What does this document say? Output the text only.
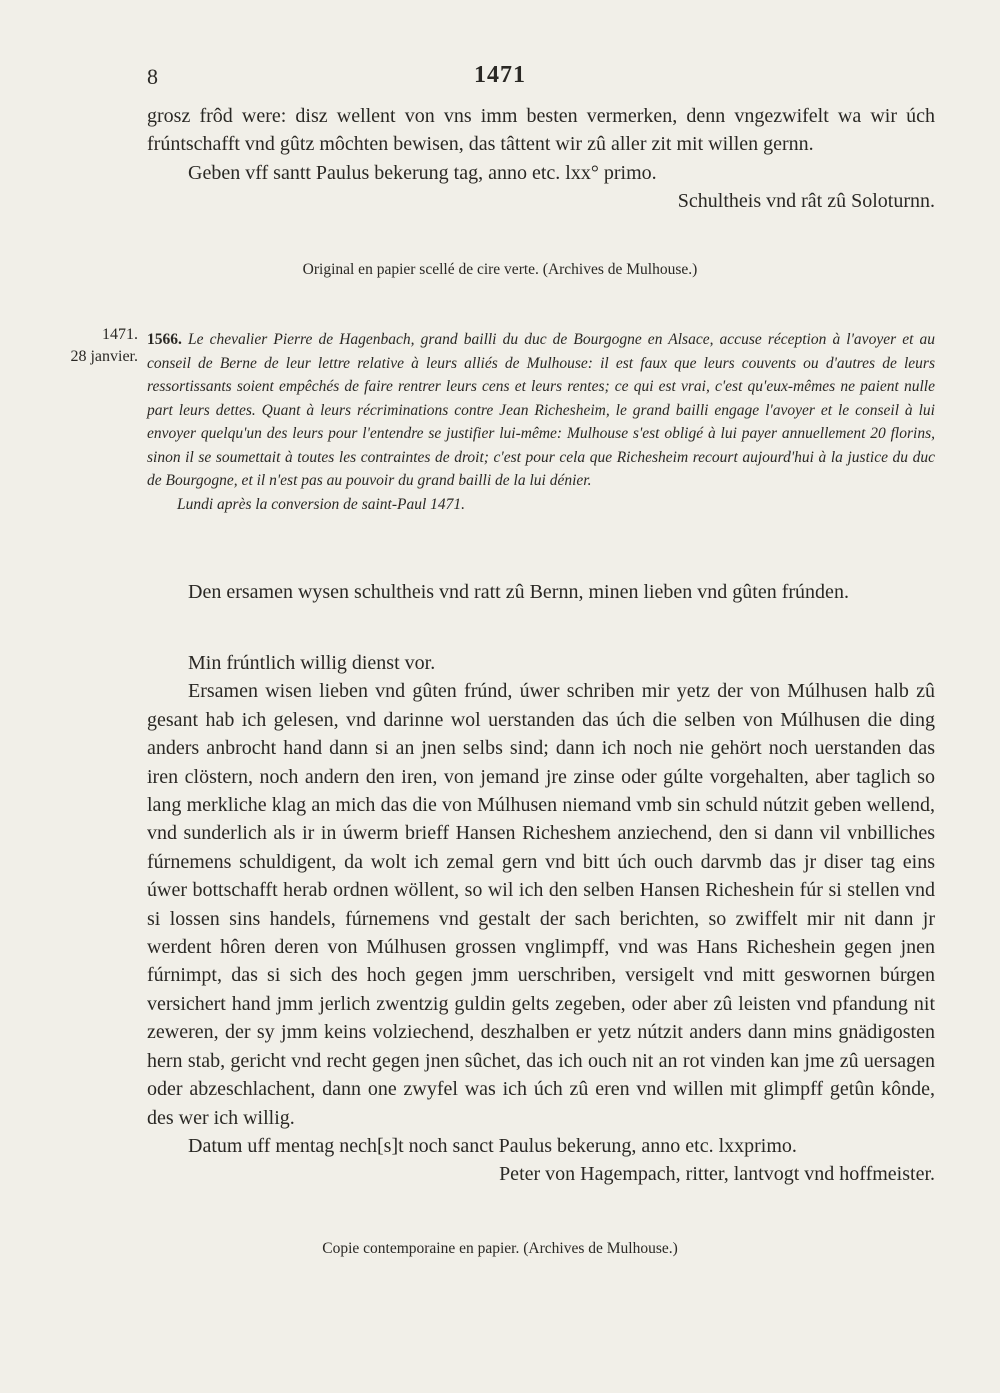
8	1471

grosz frôd were: disz wellent von vns imm besten vermerken, denn vngezwifelt wa wir úch frúntschafft vnd gûtz môchten bewisen, das tâttent wir zû aller zit mit willen gernn.

Geben vff santt Paulus bekerung tag, anno etc. lxx° primo.

Schultheis vnd rât zû Soloturnn.

Original en papier scellé de cire verte. (Archives de Mulhouse.)
1471.
28 janvier.

1566. Le chevalier Pierre de Hagenbach, grand bailli du duc de Bourgogne en Alsace, accuse réception à l'avoyer et au conseil de Berne de leur lettre relative à leurs alliés de Mulhouse: il est faux que leurs couvents ou d'autres de leurs ressortissants soient empêchés de faire rentrer leurs cens et leurs rentes; ce qui est vrai, c'est qu'eux-mêmes ne paient nulle part leurs dettes. Quant à leurs récriminations contre Jean Richesheim, le grand bailli engage l'avoyer et le conseil à lui envoyer quelqu'un des leurs pour l'entendre se justifier lui-même: Mulhouse s'est obligé à lui payer annuellement 20 florins, sinon il se soumettait à toutes les contraintes de droit; c'est pour cela que Richesheim recourt aujourd'hui à la justice du duc de Bourgogne, et il n'est pas au pouvoir du grand bailli de la lui dénier.

Lundi après la conversion de saint-Paul 1471.

Den ersamen wysen schultheis vnd ratt zû Bernn, minen lieben vnd gûten frúnden.

Min frúntlich willig dienst vor.

Ersamen wisen lieben vnd gûten frúnd, úwer schriben mir yetz der von Múlhusen halb zû gesant hab ich gelesen, vnd darinne wol uerstanden das úch die selben von Múlhusen die ding anders anbrocht hand dann si an jnen selbs sind; dann ich noch nie gehört noch uerstanden das iren clöstern, noch andern den iren, von jemand jre zinse oder gúlte vorgehalten, aber taglich so lang merkliche klag an mich das die von Múlhusen niemand vmb sin schuld nútzit geben wellend, vnd sunderlich als ir in úwerm brieff Hansen Richeshem anziechend, den si dann vil vnbilliches fúrnemens schuldigent, da wolt ich zemal gern vnd bitt úch ouch darvmb das jr diser tag eins úwer bottschafft herab ordnen wöllent, so wil ich den selben Hansen Richeshein fúr si stellen vnd si lossen sins handels, fúrnemens vnd gestalt der sach berichten, so zwiffelt mir nit dann jr werdent hôren deren von Múlhusen grossen vnglimpff, vnd was Hans Richeshein gegen jnen fúrnimpt, das si sich des hoch gegen jmm uerschriben, versigelt vnd mitt geswornen búrgen versichert hand jmm jerlich zwentzig guldin gelts zegeben, oder aber zû leisten vnd pfandung nit zeweren, der sy jmm keins volziechend, deszhalben er yetz nútzit anders dann mins gnädigosten hern stab, gericht vnd recht gegen jnen sûchet, das ich ouch nit an rot vinden kan jme zû uersagen oder abzeschlachent, dann one zwyfel was ich úch zû eren vnd willen mit glimpff getûn kônde, des wer ich willig.

Datum uff mentag nech[s]t noch sanct Paulus bekerung, anno etc. lxxprimo.

Peter von Hagempach, ritter, lantvogt vnd hoffmeister.

Copie contemporaine en papier. (Archives de Mulhouse.)
